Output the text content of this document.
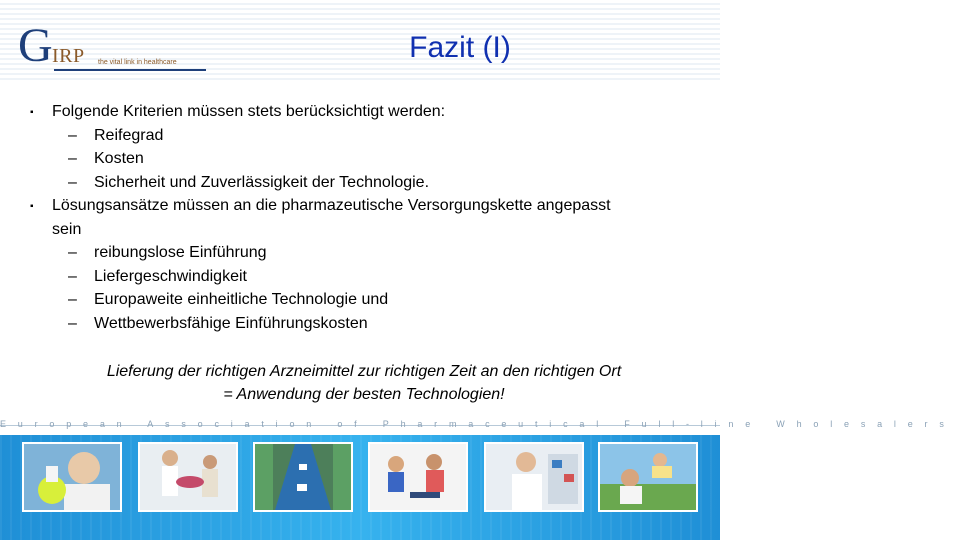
G IRP the vital link in healthcare	Fazit (I)
▪ Folgende Kriterien müssen stets berücksichtigt werden:
– Reifegrad
– Kosten
– Sicherheit und Zuverlässigkeit der Technologie.
▪ Lösungsansätze müssen an die pharmazeutische Versorgungskette angepasst
sein
– reibungslose Einführung
– Liefergeschwindigkeit
– Europaweite einheitliche Technologie und
– Wettbewerbsfähige Einführungskosten
Lieferung der richtigen Arzneimittel zur richtigen Zeit an den richtigen Ort
= Anwendung der besten Technologien!
European Association of Pharmaceutical Full-line Wholesalers
